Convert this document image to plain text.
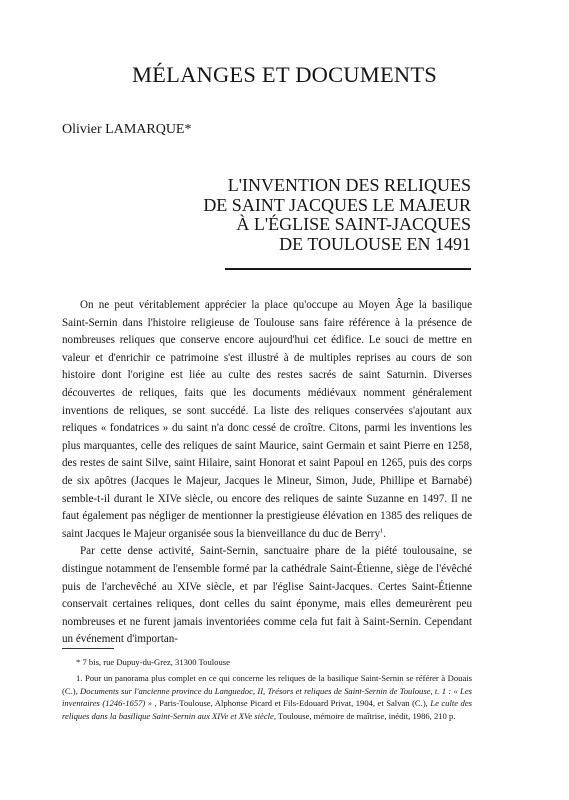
MÉLANGES ET DOCUMENTS
Olivier LAMARQUE*
L'INVENTION DES RELIQUES
DE SAINT JACQUES LE MAJEUR
À L'ÉGLISE SAINT-JACQUES
DE TOULOUSE EN 1491

On ne peut véritablement apprécier la place qu'occupe au Moyen Âge la basilique Saint-Sernin dans l'histoire religieuse de Toulouse sans faire référence à la présence de nombreuses reliques que conserve encore aujourd'hui cet édifice. Le souci de mettre en valeur et d'enrichir ce patrimoine s'est illustré à de multiples reprises au cours de son histoire dont l'origine est liée au culte des restes sacrés de saint Saturnin. Diverses découvertes de reliques, faits que les documents médiévaux nomment généralement inventions de reliques, se sont succédé. La liste des reliques conservées s'ajoutant aux reliques « fondatrices » du saint n'a donc cessé de croître. Citons, parmi les inventions les plus marquantes, celle des reliques de saint Maurice, saint Germain et saint Pierre en 1258, des restes de saint Silve, saint Hilaire, saint Honorat et saint Papoul en 1265, puis des corps de six apôtres (Jacques le Majeur, Jacques le Mineur, Simon, Jude, Phillipe et Barnabé) semble-t-il durant le XIVe siècle, ou encore des reliques de sainte Suzanne en 1497. Il ne faut également pas négliger de mentionner la prestigieuse élévation en 1385 des reliques de saint Jacques le Majeur organisée sous la bienveillance du duc de Berry$^1$.

Par cette dense activité, Saint-Sernin, sanctuaire phare de la piété toulousaine, se distingue notamment de l'ensemble formé par la cathédrale Saint-Étienne, siège de l'évêché puis de l'archevêché au XIVe siècle, et par l'église Saint-Jacques. Certes Saint-Étienne conservait certaines reliques, dont celles du saint éponyme, mais elles demeurèrent peu nombreuses et ne furent jamais inventoriées comme cela fut fait à Saint-Sernin. Cependant un événement d'importan-

* 7 bis, rue Dupuy-du-Grez, 31300 Toulouse

1. Pour un panorama plus complet en ce qui concerne les reliques de la basilique Saint-Sernin se référer à Douais (C.), Documents sur l'ancienne province du Languedoc, II, Trésors et reliques de Saint-Sernin de Toulouse, t. 1 : « Les inventaires (1246-1657) » , Paris-Toulouse, Alphonse Picard et Fils-Edouard Privat, 1904, et Salvan (C.), Le culte des reliques dans la basilique Saint-Sernin aux XIVe et XVe siècle, Toulouse, mémoire de maîtrise, inédit, 1986, 210 p.
